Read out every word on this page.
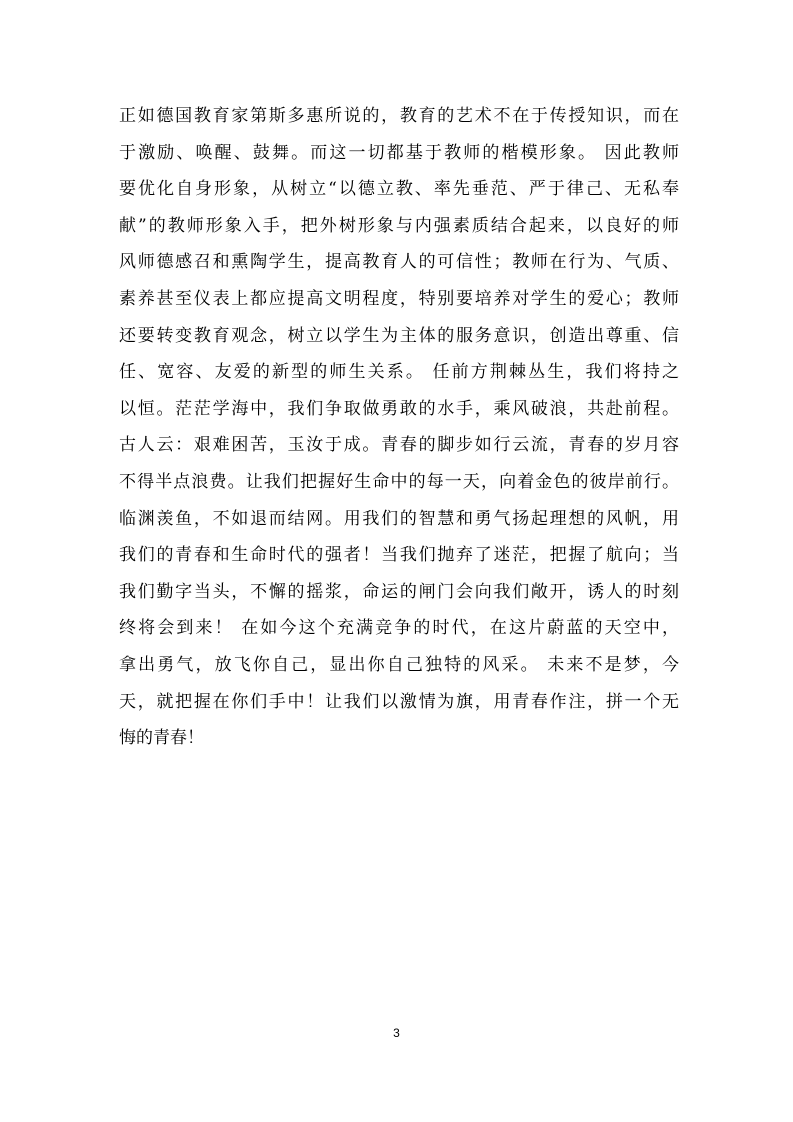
正如德国教育家第斯多惠所说的，教育的艺术不在于传授知识，而在
于激励、唤醒、鼓舞。而这一切都基于教师的楷模形象。 因此教师
要优化自身形象，从树立“以德立教、率先垂范、严于律己、无私奉
献”的教师形象入手，把外树形象与内强素质结合起来，以良好的师
风师德感召和熏陶学生，提高教育人的可信性；教师在行为、气质、
素养甚至仪表上都应提高文明程度，特别要培养对学生的爱心；教师
还要转变教育观念，树立以学生为主体的服务意识，创造出尊重、信
任、宽容、友爱的新型的师生关系。 任前方荆棘丛生，我们将持之
以恒。茫茫学海中，我们争取做勇敢的水手，乘风破浪，共赴前程。
古人云：艰难困苦，玉汝于成。青春的脚步如行云流，青春的岁月容
不得半点浪费。让我们把握好生命中的每一天，向着金色的彼岸前行。
临渊羡鱼，不如退而结网。用我们的智慧和勇气扬起理想的风帆，用
我们的青春和生命时代的强者！当我们抛弃了迷茫，把握了航向；当
我们勤字当头，不懈的摇浆，命运的闸门会向我们敞开，诱人的时刻
终将会到来！ 在如今这个充满竞争的时代，在这片蔚蓝的天空中，
拿出勇气，放飞你自己，显出你自己独特的风采。 未来不是梦，今
天，就把握在你们手中！让我们以激情为旗，用青春作注，拼一个无
悔的青春！
3
